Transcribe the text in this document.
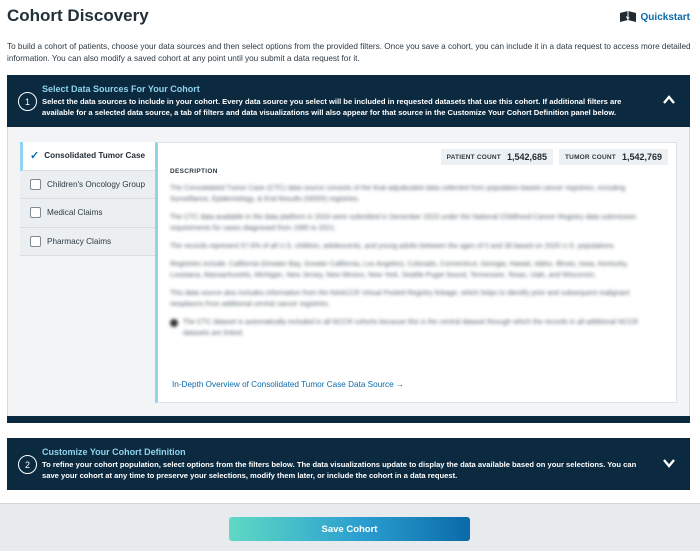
Cohort Discovery	Quickstart

To build a cohort of patients, choose your data sources and then select options from the provided filters. Once you save a cohort, you can include it in a data request to access more detailed information. You can also modify a saved cohort at any point until you submit a data request for it.

1
Select Data Sources For Your Cohort
Select the data sources to include in your cohort. Every data source you select will be included in requested datasets that use this cohort. If additional filters are available for a selected data source, a tab of filters and data visualizations will also appear for that source in the Customize Your Cohort Definition panel below.
✓ Consolidated Tumor Case
Children's Oncology Group
Medical Claims
Pharmacy Claims
PATIENT COUNT 1,542,685	TUMOR COUNT 1,542,769
DESCRIPTION

The Consolidated Tumor Case (CTC) data source consists of the final adjudicated data collected from population-based cancer registries, including Surveillance, Epidemiology, & End Results (SEER) registries.

The CTC data available in the data platform in 2024 were submitted in December 2023 under the National Childhood Cancer Registry data submission requirements for cases diagnosed from 1995 to 2021.

The records represent 57.6% of all U.S. children, adolescents, and young adults between the ages of 0 and 39 based on 2020 U.S. populations.

Registries include: California (Greater Bay, Greater California, Los Angeles), Colorado, Connecticut, Georgia, Hawaii, Idaho, Illinois, Iowa, Kentucky, Louisiana, Massachusetts, Michigan, New Jersey, New Mexico, New York, Seattle-Puget Sound, Tennessee, Texas, Utah, and Wisconsin.

This data source also includes information from the NAACCR Virtual Pooled Registry linkage, which helps to identify prior and subsequent malignant neoplasms from additional central cancer registries.

The CTC dataset is automatically included in all NCCR cohorts because this is the central dataset through which the records in all additional NCCR datasets are linked.
In-Depth Overview of Consolidated Tumor Case Data Source →
2
Customize Your Cohort Definition
To refine your cohort population, select options from the filters below. The data visualizations update to display the data available based on your selections. You can save your cohort at any time to preserve your selections, modify them later, or include the cohort in a data request.
Save Cohort
